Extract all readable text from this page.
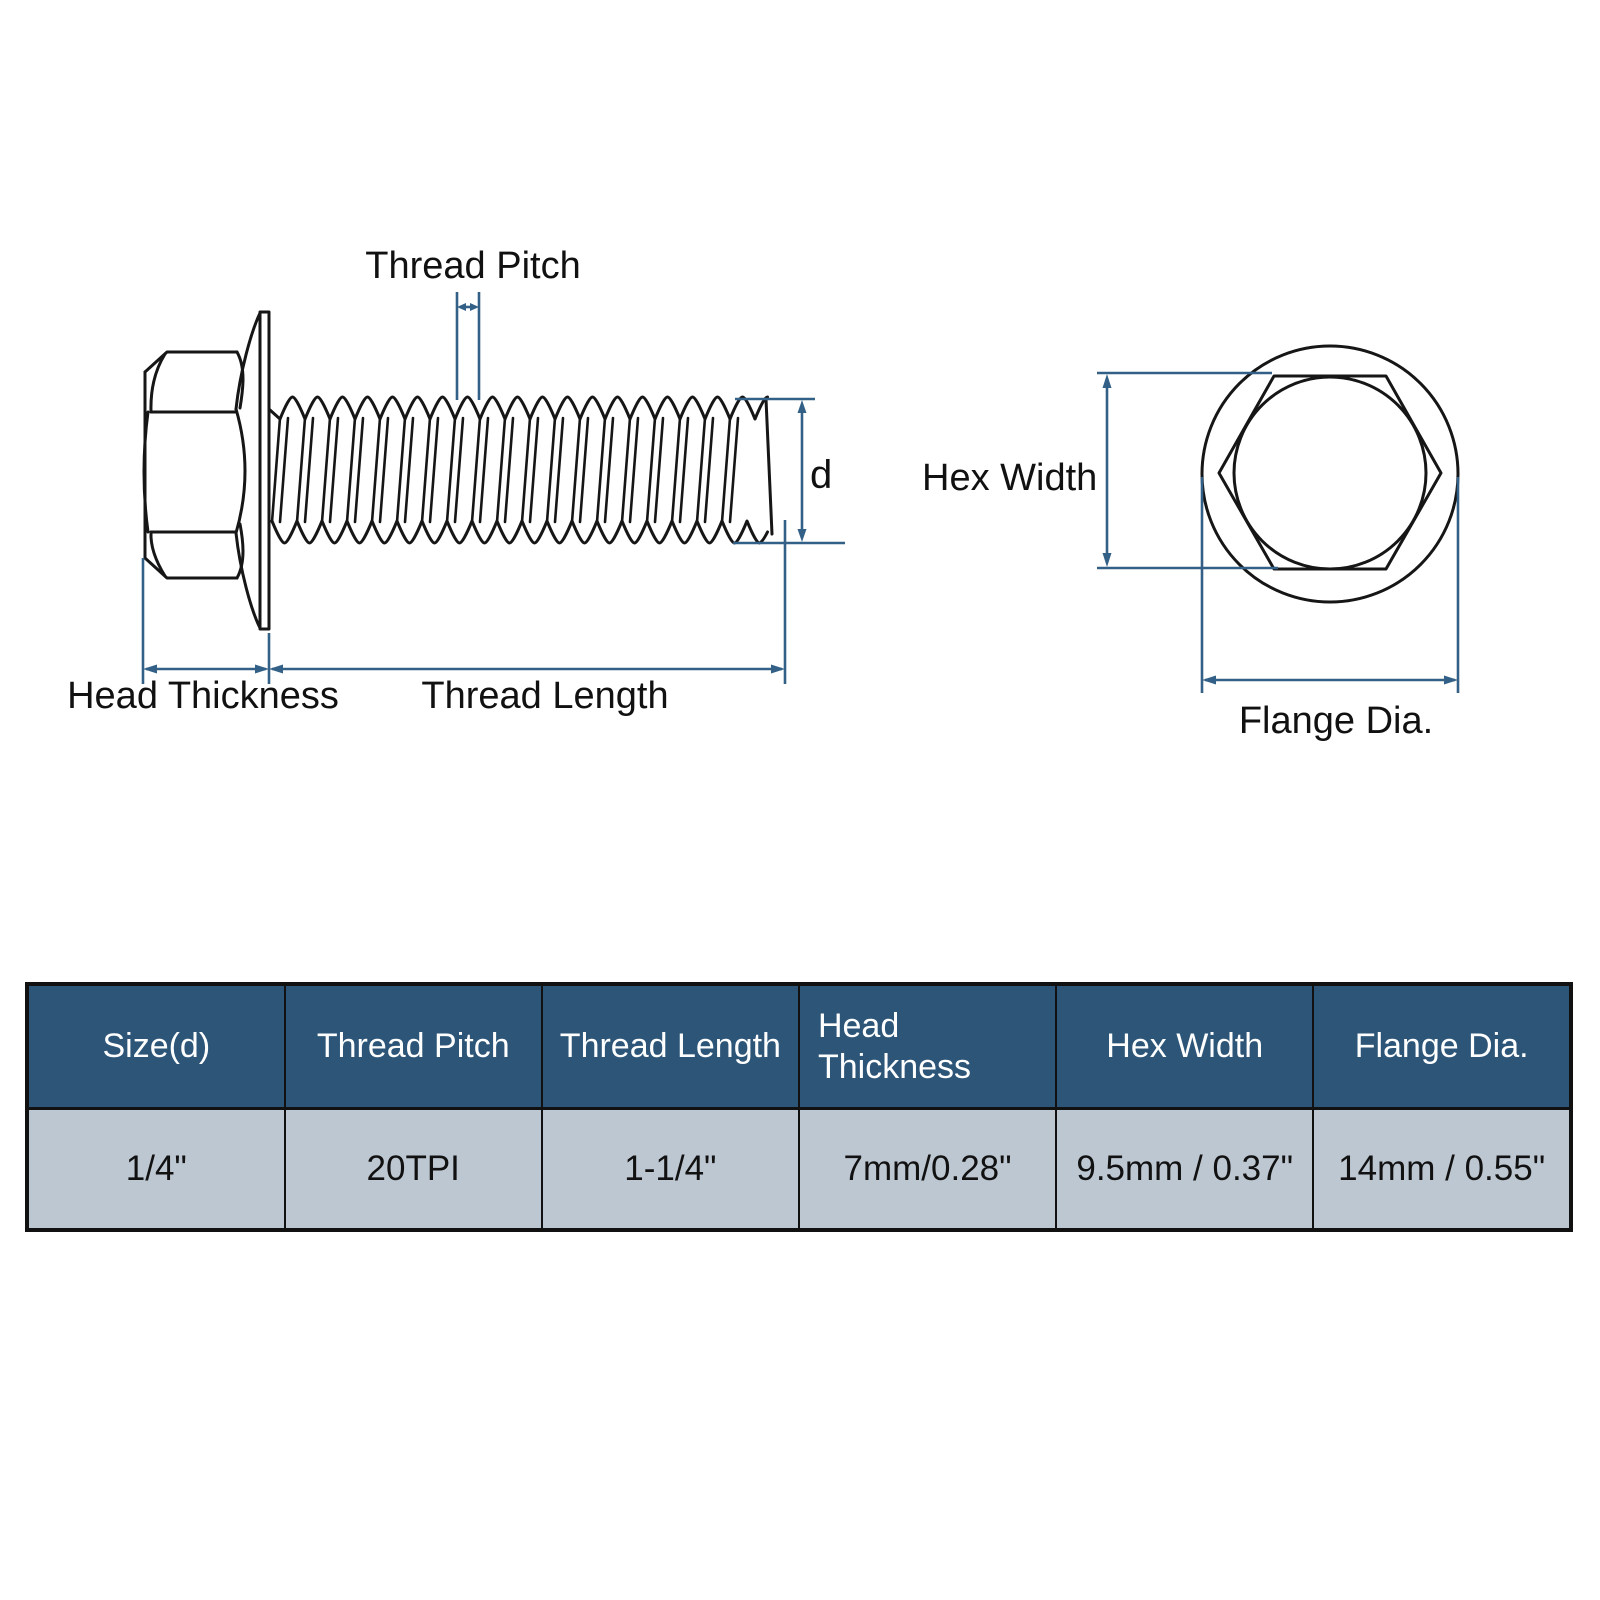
Thread Pitch
d
Head Thickness	Thread Length
Hex Width
Flange Dia.
Size(d)	Thread Pitch	Thread Length	Head Thickness	Hex Width	Flange Dia.
1/4"	20TPI	1-1/4"	7mm/0.28"	9.5mm / 0.37"	14mm / 0.55"
